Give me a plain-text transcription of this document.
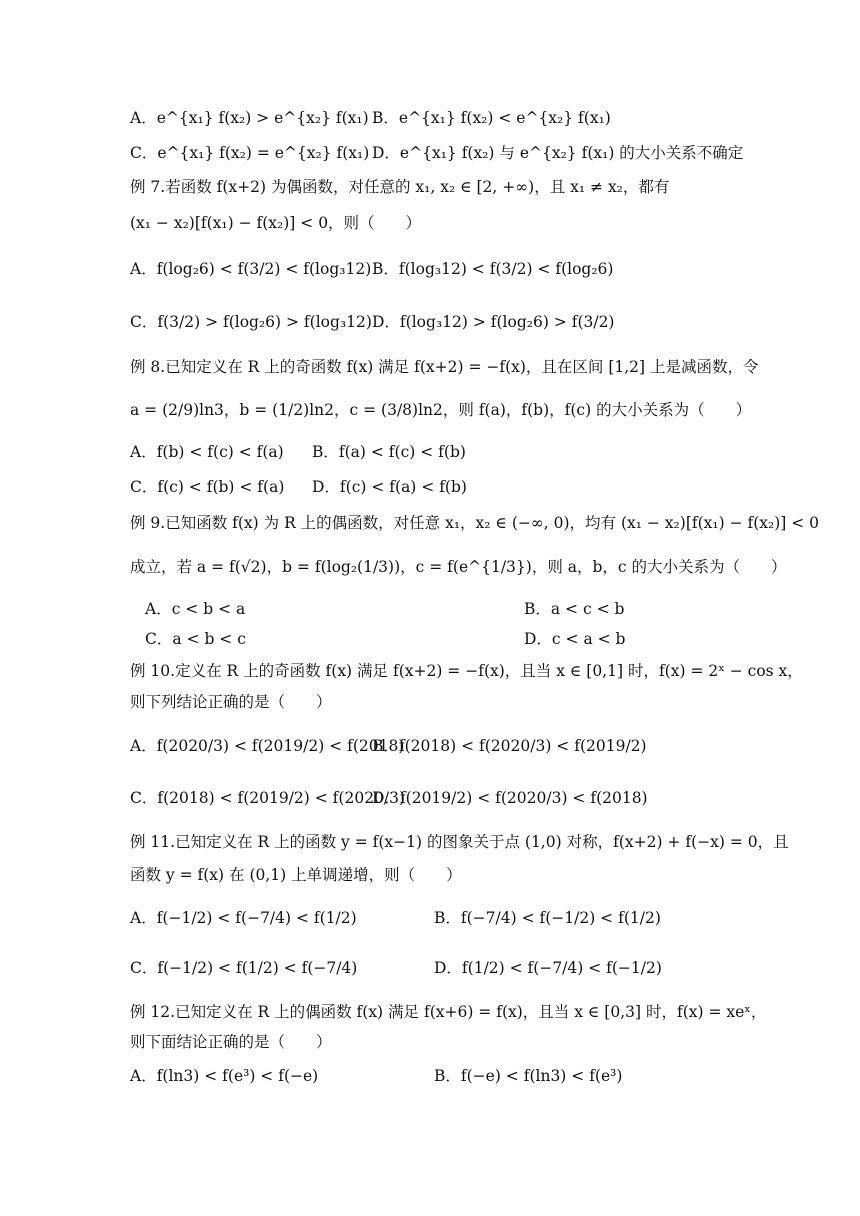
A．e^{x₁} f(x₂) > e^{x₂} f(x₁) B．e^{x₁} f(x₂) < e^{x₂} f(x₁)
C．e^{x₁} f(x₂) = e^{x₂} f(x₁) D．e^{x₁} f(x₂) 与 e^{x₂} f(x₁) 的大小关系不确定
例 7.若函数 f(x+2) 为偶函数，对任意的 x₁, x₂ ∈ [2, +∞)，且 x₁ ≠ x₂，都有
(x₁ − x₂)[f(x₁) − f(x₂)] < 0，则（　　）
A．f(log₂6) < f(3/2) < f(log₃12) B．f(log₃12) < f(3/2) < f(log₂6)
C．f(3/2) > f(log₂6) > f(log₃12) D．f(log₃12) > f(log₂6) > f(3/2)
例 8.已知定义在 R 上的奇函数 f(x) 满足 f(x+2) = −f(x)，且在区间 [1,2] 上是减函数，令
a = (2/9)ln3，b = (1/2)ln2，c = (3/8)ln2，则 f(a)，f(b)，f(c) 的大小关系为（　　）
A．f(b) < f(c) < f(a) B．f(a) < f(c) < f(b)
C．f(c) < f(b) < f(a) D．f(c) < f(a) < f(b)
例 9.已知函数 f(x) 为 R 上的偶函数，对任意 x₁，x₂ ∈ (−∞, 0)，均有 (x₁ − x₂)[f(x₁) − f(x₂)] < 0
成立，若 a = f(√2)，b = f(log₂(1/3))，c = f(e^{1/3})，则 a，b，c 的大小关系为（　　）
A．c < b < a	B．a < c < b
C．a < b < c	D．c < a < b
例 10.定义在 R 上的奇函数 f(x) 满足 f(x+2) = −f(x)，且当 x ∈ [0,1] 时，f(x) = 2ˣ − cos x，
则下列结论正确的是（　　）
A．f(2020/3) < f(2019/2) < f(2018)
B．f(2018) < f(2020/3) < f(2019/2)
C．f(2018) < f(2019/2) < f(2020/3)
D．f(2019/2) < f(2020/3) < f(2018)
例 11.已知定义在 R 上的函数 y = f(x−1) 的图象关于点 (1,0) 对称，f(x+2) + f(−x) = 0，且
函数 y = f(x) 在 (0,1) 上单调递增，则（　　）
A．f(−1/2) < f(−7/4) < f(1/2)	B．f(−7/4) < f(−1/2) < f(1/2)
C．f(−1/2) < f(1/2) < f(−7/4)	D．f(1/2) < f(−7/4) < f(−1/2)
例 12.已知定义在 R 上的偶函数 f(x) 满足 f(x+6) = f(x)，且当 x ∈ [0,3] 时，f(x) = xeˣ，
则下面结论正确的是（　　）
A．f(ln3) < f(e³) < f(−e)	B．f(−e) < f(ln3) < f(e³)
